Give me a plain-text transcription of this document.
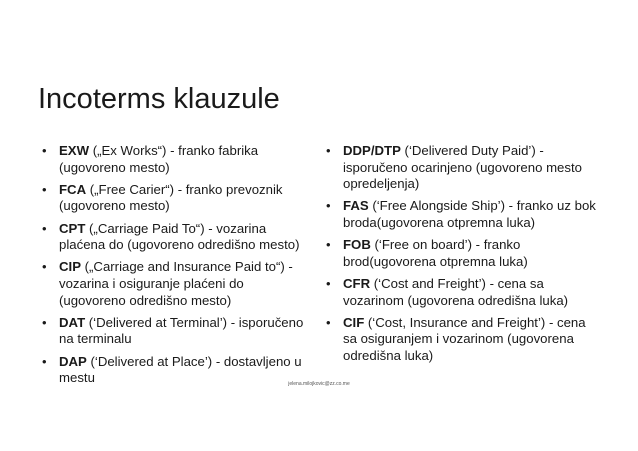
Incoterms klauzule
• EXW („Ex Works“) - franko fabrika (ugovoreno mesto)
• FCA („Free Carier“) - franko prevoznik (ugovoreno mesto)
• CPT („Carriage Paid To“) - vozarina plaćena do (ugovoreno odredišno mesto)
• CIP („Carriage and Insurance Paid to“) - vozarina i osiguranje plaćeni do (ugovoreno odredišno mesto)
• DAT (‘Delivered at Terminal’) - isporučeno na terminalu
• DAP (‘Delivered at Place’) - dostavljeno u mestu
• DDP/DTP (‘Delivered Duty Paid’) - isporučeno ocarinjeno (ugovoreno mesto opredeljenja)
• FAS (‘Free Alongside Ship’) - franko uz bok broda(ugovorena otpremna luka)
• FOB (‘Free on board’) - franko brod(ugovorena otpremna luka)
• CFR (‘Cost and Freight’) - cena sa vozarinom (ugovorena odredišna luka)
• CIF (‘Cost, Insurance and Freight’) - cena sa osiguranjem i vozarinom (ugovorena odredišna luka)
jelena.milojkovic@zz.co.me
